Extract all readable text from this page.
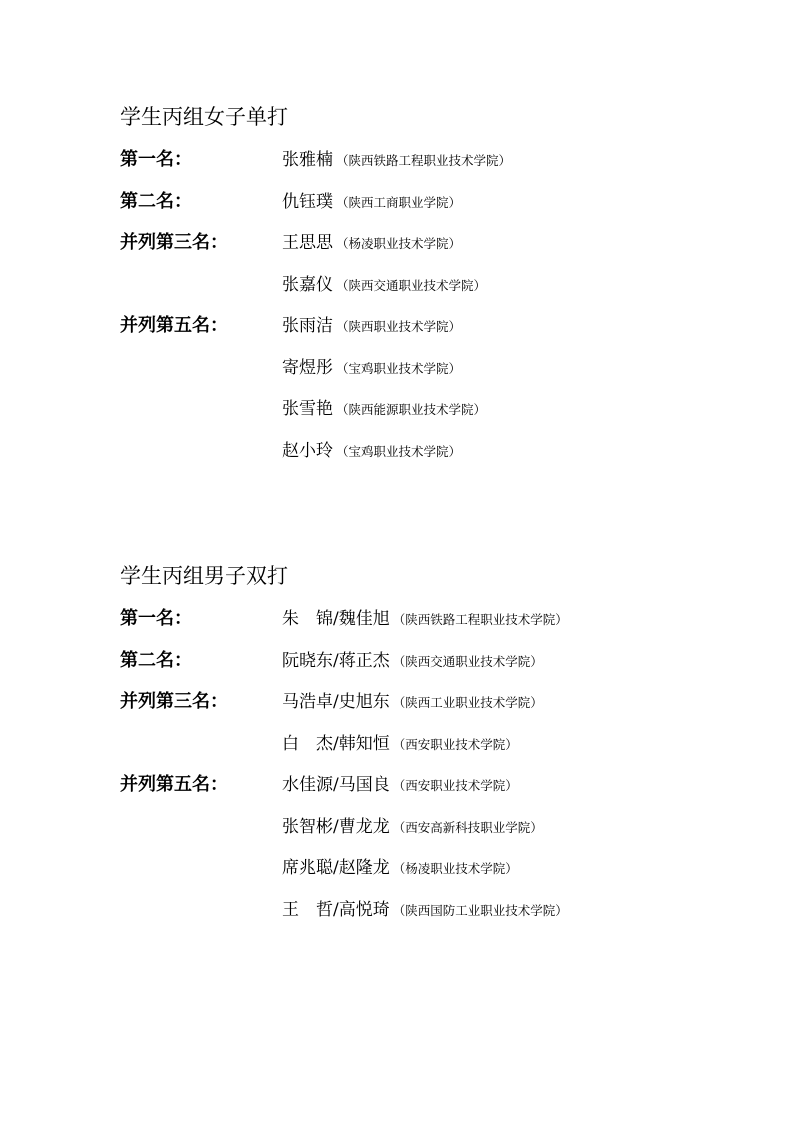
学生丙组女子单打
第一名：	张雅楠 （陕西铁路工程职业技术学院）
第二名：	仇钰璞 （陕西工商职业学院）
并列第三名：	王思思 （杨凌职业技术学院）
张嘉仪 （陕西交通职业技术学院）
并列第五名：	张雨洁 （陕西职业技术学院）
寄煜彤 （宝鸡职业技术学院）
张雪艳 （陕西能源职业技术学院）
赵小玲 （宝鸡职业技术学院）
学生丙组男子双打
第一名：	朱　锦/魏佳旭 （陕西铁路工程职业技术学院）
第二名：	阮晓东/蒋正杰 （陕西交通职业技术学院）
并列第三名：	马浩卓/史旭东 （陕西工业职业技术学院）
白　杰/韩知恒 （西安职业技术学院）
并列第五名：	水佳源/马国良 （西安职业技术学院）
张智彬/曹龙龙 （西安高新科技职业学院）
席兆聪/赵隆龙 （杨凌职业技术学院）
王　哲/高悦琦 （陕西国防工业职业技术学院）
